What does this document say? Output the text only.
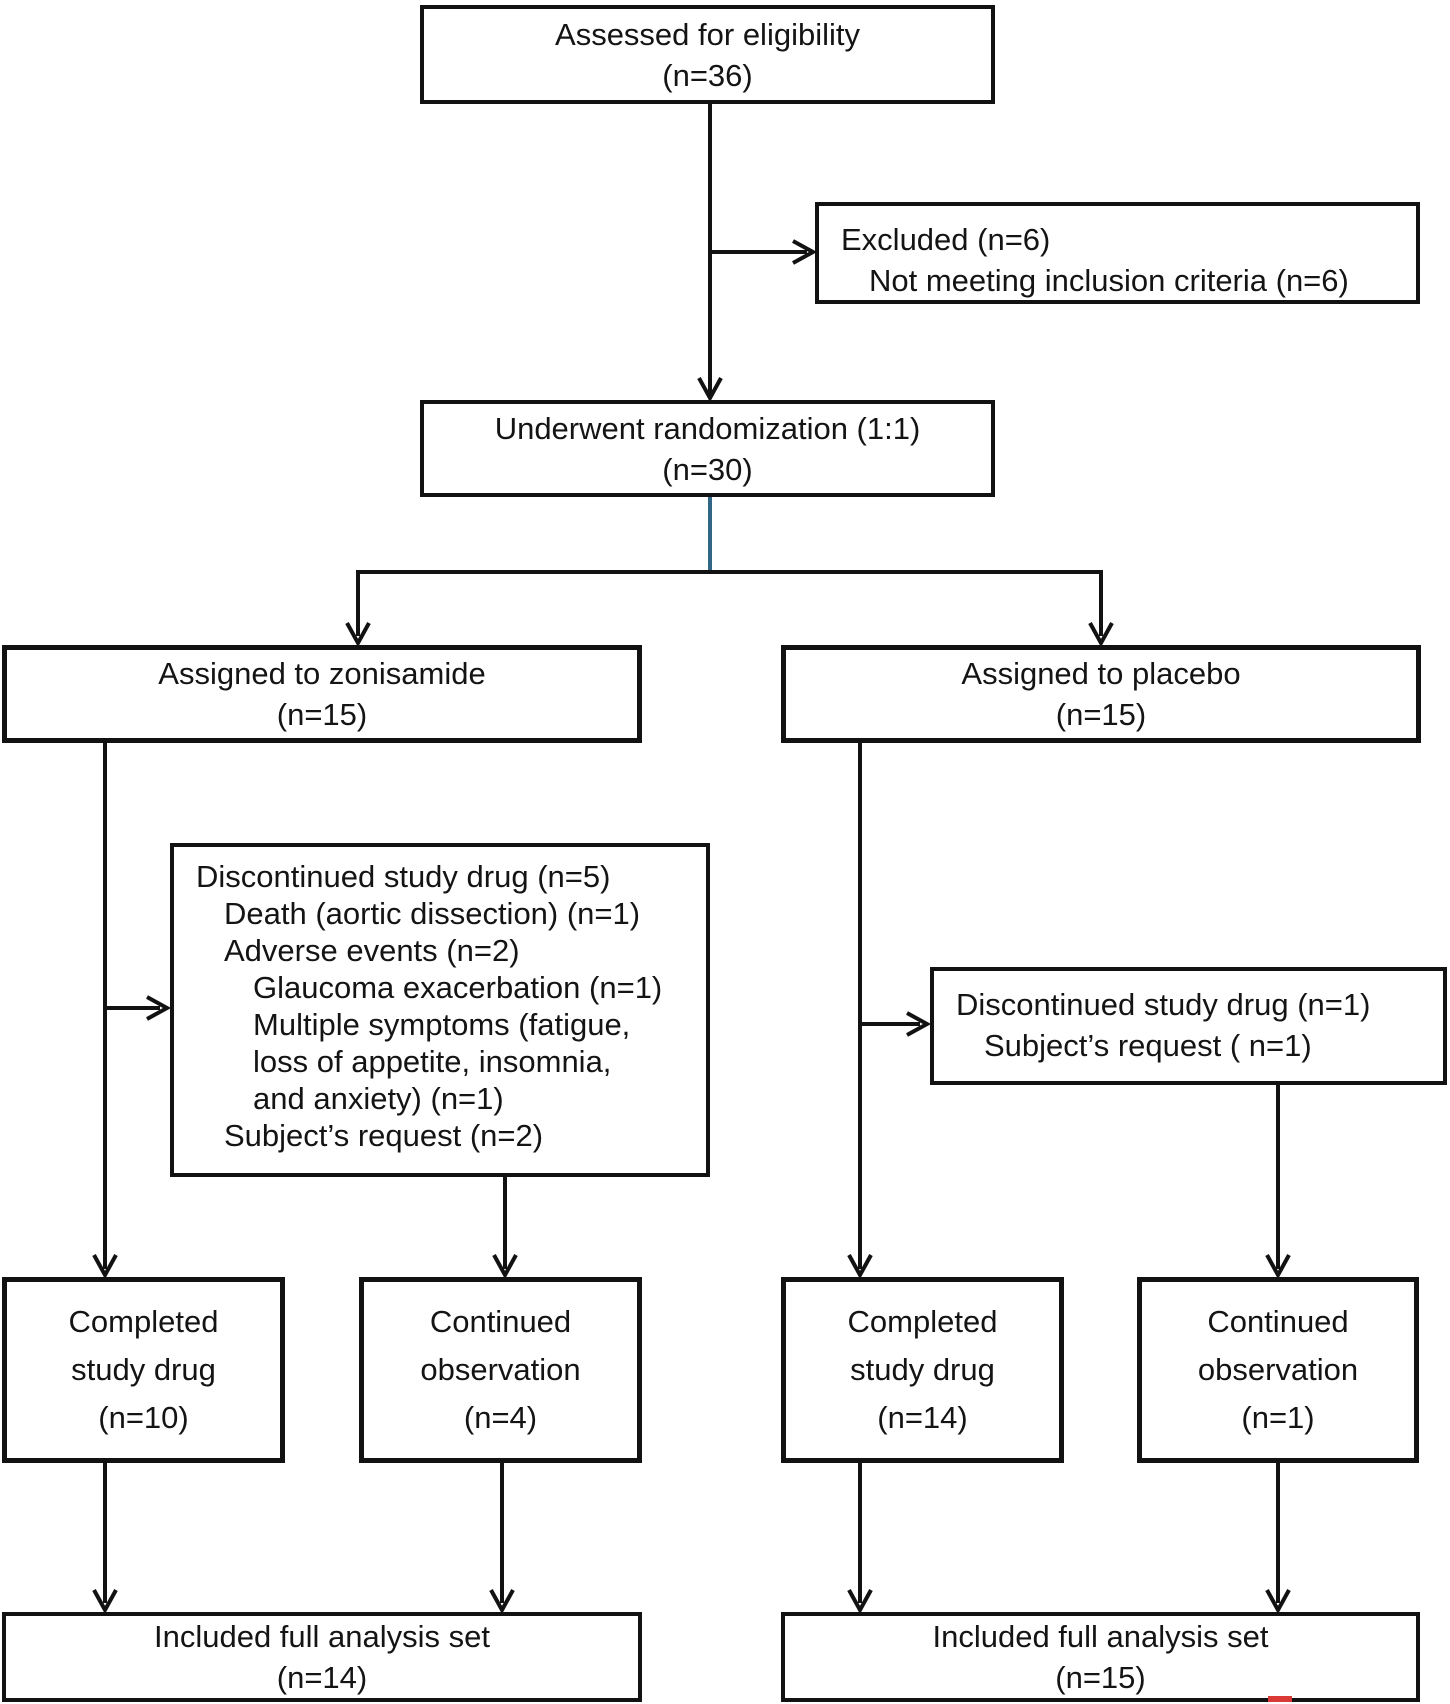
Assessed for eligibility
(n=36)
Excluded (n=6)
Not meeting inclusion criteria (n=6)
Underwent randomization (1:1)
(n=30)
Assigned to zonisamide
(n=15)
Assigned to placebo
(n=15)
Discontinued study drug (n=5)
Death (aortic dissection) (n=1)
Adverse events (n=2)
Glaucoma exacerbation (n=1)
Multiple symptoms (fatigue,
loss of appetite, insomnia,
and anxiety) (n=1)
Subject’s request (n=2)
Discontinued study drug (n=1)
Subject’s request ( n=1)
Completed
study drug
(n=10)
Continued
observation
(n=4)
Completed
study drug
(n=14)
Continued
observation
(n=1)
Included full analysis set
(n=14)
Included full analysis set
(n=15)
